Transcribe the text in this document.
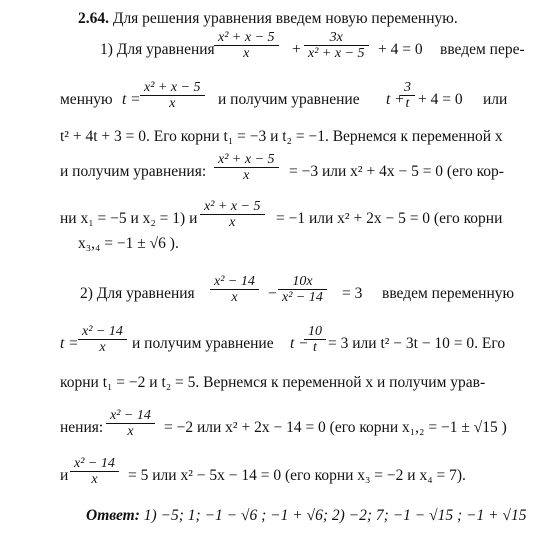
2.64. Для решения уравнения введем новую переменную.
1) Для уравнения $\frac{\text{x² + x − 5}}{x} + \frac{3x}{\text{x² + x − 5}} + 4 = 0$ введем пере-
менную $t = \frac{\text{x² + x − 5}}{x}$ и получим уравнение t +
$\frac{3}{t} + 4 = 0$ или
t² + 4t + 3 = 0. Его корни t₁ = −3 и t₂ = −1. Вернемся к переменной x
и получим уравнения: $\frac{\text{x² + x − 5}}{x} = -3$ или x² + 4x − 5 = 0 (его кор-
ни x₁ = −5 и x₂ = 1) и $\frac{\text{x² + x − 5}}{x} = -1$ или x² + 2x − 5 = 0 (его корни
x₃,₄ = −1 ± √6 ).
2) Для уравнения $\frac{\text{x² − 14}}{x} - \frac{10x}{\text{x² − 14}} = 3$ введем переменную
$t = \frac{\text{x² − 14}}{x}$ и получим уравнение t −
$\frac{10}{t} = 3$ или t² − 3t − 10 = 0. Его
корни t₁ = −2 и t₂ = 5. Вернемся к переменной x и получим урав-
нения: $\frac{\text{x² − 14}}{x} = -2$ или x² + 2x − 14 = 0 (его корни x₁,₂ = −1 ± √15 )
и $\frac{\text{x² − 14}}{x} = 5$ или x² − 5x − 14 = 0 (его корни x₃ = −2 и x₄ = 7).
Ответ: 1) −5; 1; −1 − √6 ; −1 + √6; 2) −2; 7; −1 − √15 ; −1 + √15
